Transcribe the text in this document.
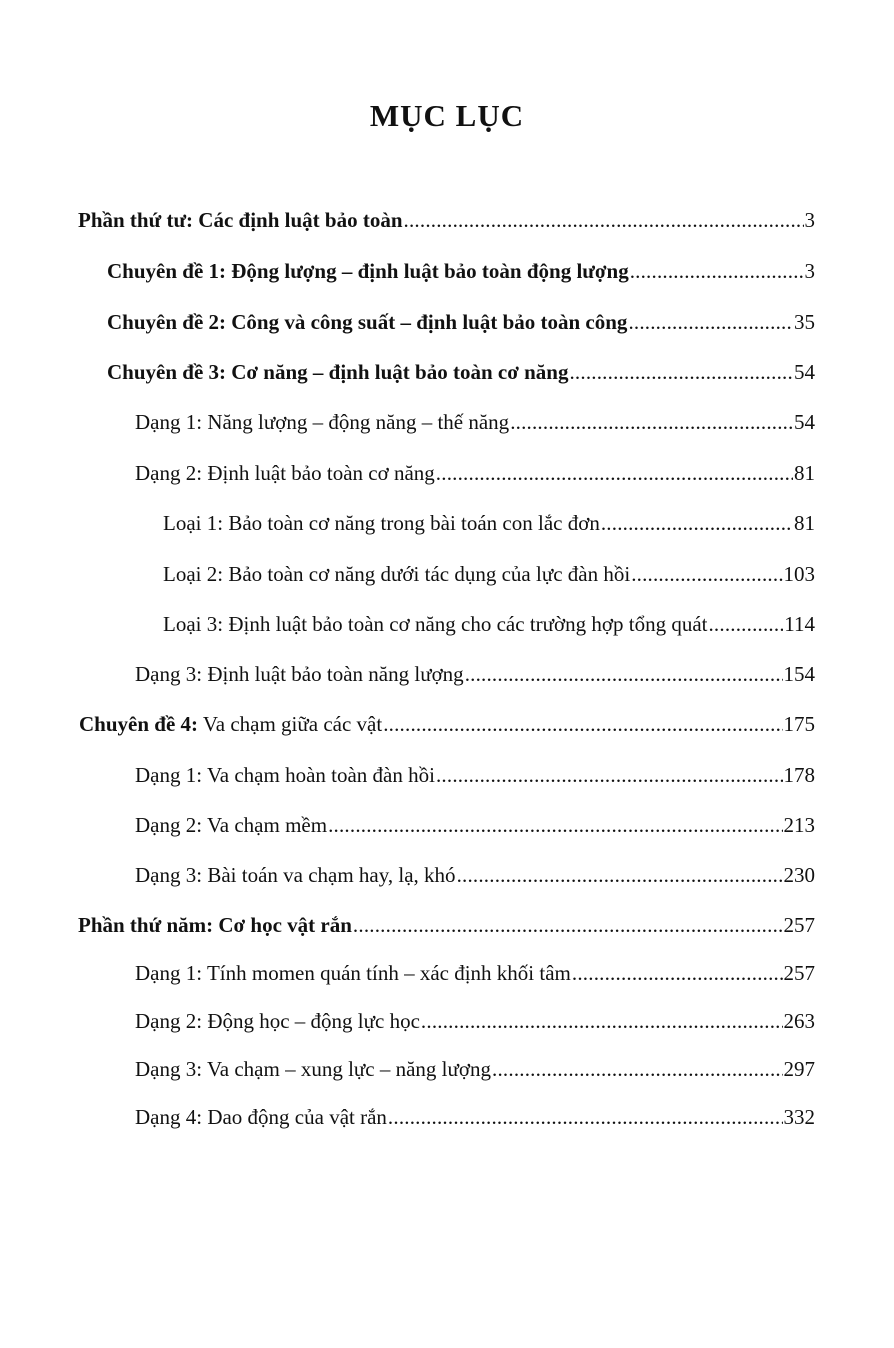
MỤC LỤC
Phần thứ tư: Các định luật bảo toàn .....	3
Chuyên đề 1: Động lượng – định luật bảo toàn động lượng .....	3
Chuyên đề 2: Công và công suất – định luật bảo toàn công .....	35
Chuyên đề 3: Cơ năng – định luật bảo toàn cơ năng .....	54
Dạng 1: Năng lượng – động năng – thế năng .....	54
Dạng 2: Định luật bảo toàn cơ năng .....	81
Loại 1: Bảo toàn cơ năng trong bài toán con lắc đơn .....	81
Loại 2: Bảo toàn cơ năng dưới tác dụng của lực đàn hồi .....	103
Loại 3: Định luật bảo toàn cơ năng cho các trường hợp tổng quát .....	114
Dạng 3: Định luật bảo toàn năng lượng .....	154
Chuyên đề 4: Va chạm giữa các vật .....	175
Dạng 1: Va chạm hoàn toàn đàn hồi .....	178
Dạng 2: Va chạm mềm .....	213
Dạng 3: Bài toán va chạm hay, lạ, khó .....	230
Phần thứ năm: Cơ học vật rắn .....	257
Dạng 1: Tính momen quán tính – xác định khối tâm .....	257
Dạng 2: Động học – động lực học .....	263
Dạng 3: Va chạm – xung lực – năng lượng .....	297
Dạng 4: Dao động của vật rắn .....	332
